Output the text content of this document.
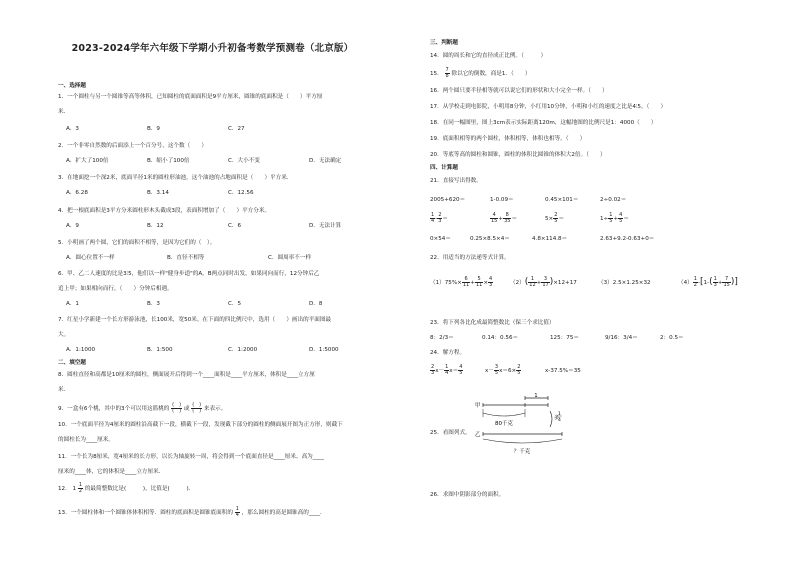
2023-2024学年六年级下学期小升初备考数学预测卷（北京版）
一、选择题
1．一个圆柱与另一个圆锥等高等体积，已知圆柱的底面面积是9平方厘米，圆锥的底面积是（　　）平方厘
米．
A．3	B．9	C．27
2．一个非零自然数的后面添上一个百分号，这个数（　　）
A．扩大了100倍	B．缩小了100倍	C．大小不变	D．无法确定
3．在地面挖一个深2米，底面半径1米的圆柱形油池，这个油池的占地面积是（　　）平方米．
A．6.28	B．3.14	C．12.56
4．把一根底面积是3平方分米圆柱形木头截成3段，表面积增加了（　　）平方分米。
A．9	B．12	C．6	D．无法计算
5．小明画了两个圆，它们的面积不相等，是因为它们的（　）。
A．圆心位置不一样	B．直径不相等	C．圆周率不一样
6．甲、乙二人速度的比是3∶5，他们以一样"健身步道"的A，B两点同时出发，如果同向而行，12分钟后乙
追上甲；如果相向而行，（　　）分钟后相遇。
A．1	B．3	C．5	D．8
7．红星小学新建一个长方形游泳池，长100米，宽50米。在下面的四比例尺中，选用（　　）画出的平面图最
大。
A．1:1000	B．1:500	C．1:2000	D．1:5000
二、填空题
8．圆柱直径和高都是10厘米的圆柱，侧面展开后得到一个____面积是____平方厘米，体积是____立方厘
米．
9．一盒有6个桃，其中的3个可以用这篮桃的 $\frac{( )}{( )}$ 或 $\frac{( )}{( )}$ 来表示。
10．一个底面半径为4厘米的圆柱沿高截下一段，横截下一段，发现截下部分的圆柱的侧面展开图为正方形，则截下
的圆柱长为____厘米。
11．一个长为8厘米，宽4厘米的长方形，以长为轴旋转一周，将会得到一个底面直径是____厘米、高为____
厘米的____体，它的体积是____立方厘米．
12． $1 \frac{1}{2}$ 的最简整数比是(　　　)，比值是(　　　)．
13．一个圆柱体和一个圆锥体体积相等．圆柱的底面积是圆锥底面积的 $\frac{1}{4}$ ，那么圆柱的高是圆锥高的____．
三、判断题
14．圆的周长和它的直径成正比例。（　　　）
15． $\frac{7}{8}$ 除以它的倒数，商是1．（　　）
16．两个圆只要半径相等就可以说它们的形状和大小完全一样。（　　）
17．从学校走到电影院，小明用8分钟，小红用10分钟，小明和小红的速度之比是4∶5。（　　）
18．在同一幅图里，图上3cm表示实际距离120m，这幅地图的比例尺是1：4000（　　）
19．底面积相等的两个圆柱，体积相等，体积也相等。（　　）
20．等底等高的圆柱和圆锥，圆柱的体积比圆锥的体积大2倍。（　　）
四、计算题
21．直接写出得数。
2005+620＝	1-0.09＝	0.45×101＝	2÷0.02＝
$\frac{1}{4} - \frac{2}{3}$ ＝	$\frac{4}{15} + \frac{8}{35}$ ＝	$5\times \frac{2}{5}$ ＝	$1\div \frac{1}{5} + \frac{4}{5}$ ＝
0×54＝	0.25×8.5×4＝	4.8×114.8＝	2.63+9.2-0.63+0＝
22．用适当的方法递等式计算。
$(1)75\%\times \frac{6}{11} + \frac{5}{11} \times \frac{4}{3}$	$(2)( \frac{1}{12} + \frac{3}{17} )\times 12+17$	（3）2.5×1.25×32	$(4) \frac{1}{2} -[1-( \frac{1}{3} + \frac{7}{15}$ )]
23．将下列各比化成最简整数比（保三个求比值）
8：2/3＝	0.14：0.56＝	125：75＝	9/16：3/4＝	2：0.5＝
24．解方程。
$\frac{2}{3} x- \frac{1}{4} x= \frac{4}{5}$	$x- \frac{3}{5} x=6\times \frac{2}{5}$	x-37.5%＝35
25．看图列式。
1
甲
80千克
多
1
4
乙
？千克
26．求图中阴影部分的面积。
